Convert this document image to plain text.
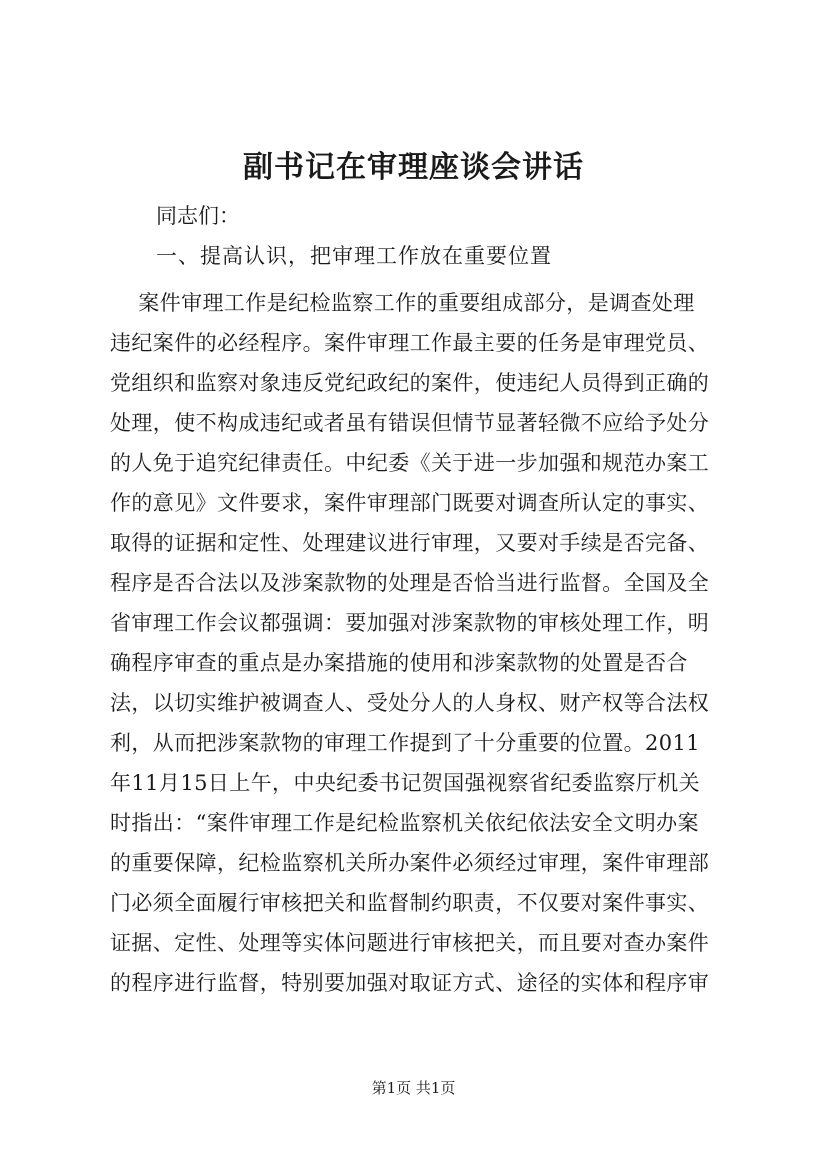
副书记在审理座谈会讲话
同志们：
一、提高认识，把审理工作放在重要位置
案件审理工作是纪检监察工作的重要组成部分，是调查处理
违纪案件的必经程序。案件审理工作最主要的任务是审理党员、
党组织和监察对象违反党纪政纪的案件，使违纪人员得到正确的
处理，使不构成违纪或者虽有错误但情节显著轻微不应给予处分
的人免于追究纪律责任。中纪委《关于进一步加强和规范办案工
作的意见》文件要求，案件审理部门既要对调查所认定的事实、
取得的证据和定性、处理建议进行审理，又要对手续是否完备、
程序是否合法以及涉案款物的处理是否恰当进行监督。全国及全
省审理工作会议都强调：要加强对涉案款物的审核处理工作，明
确程序审查的重点是办案措施的使用和涉案款物的处置是否合
法，以切实维护被调查人、受处分人的人身权、财产权等合法权
利，从而把涉案款物的审理工作提到了十分重要的位置。2011
年11月15日上午，中央纪委书记贺国强视察省纪委监察厅机关
时指出：“案件审理工作是纪检监察机关依纪依法安全文明办案
的重要保障，纪检监察机关所办案件必须经过审理，案件审理部
门必须全面履行审核把关和监督制约职责，不仅要对案件事实、
证据、定性、处理等实体问题进行审核把关，而且要对查办案件
的程序进行监督，特别要加强对取证方式、途径的实体和程序审
第1页 共1页
